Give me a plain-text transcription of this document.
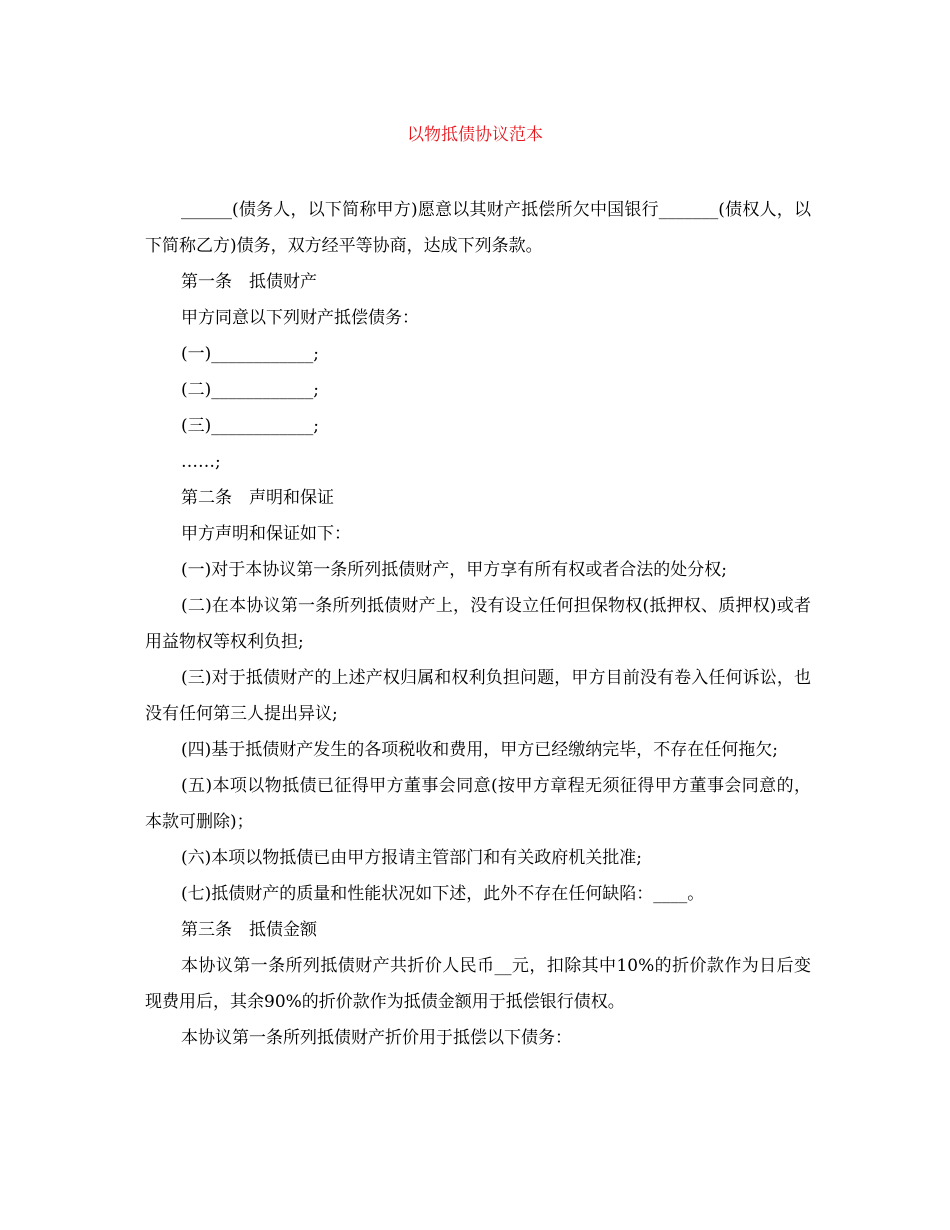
以物抵债协议范本

______(债务人，以下简称甲方)愿意以其财产抵偿所欠中国银行_______(债权人，以下简称乙方)债务，双方经平等协商，达成下列条款。

第一条　抵债财产

甲方同意以下列财产抵偿债务：

(一)____________;

(二)____________;

(三)____________;

……;

第二条　声明和保证

甲方声明和保证如下：

(一)对于本协议第一条所列抵债财产，甲方享有所有权或者合法的处分权;

(二)在本协议第一条所列抵债财产上，没有设立任何担保物权(抵押权、质押权)或者用益物权等权利负担;

(三)对于抵债财产的上述产权归属和权利负担问题，甲方目前没有卷入任何诉讼，也没有任何第三人提出异议;

(四)基于抵债财产发生的各项税收和费用，甲方已经缴纳完毕，不存在任何拖欠;

(五)本项以物抵债已征得甲方董事会同意(按甲方章程无须征得甲方董事会同意的，本款可删除)；

(六)本项以物抵债已由甲方报请主管部门和有关政府机关批准;

(七)抵债财产的质量和性能状况如下述，此外不存在任何缺陷：____。

第三条　抵债金额

本协议第一条所列抵债财产共折价人民币__元，扣除其中10%的折价款作为日后变现费用后，其余90%的折价款作为抵债金额用于抵偿银行债权。

本协议第一条所列抵债财产折价用于抵偿以下债务：
